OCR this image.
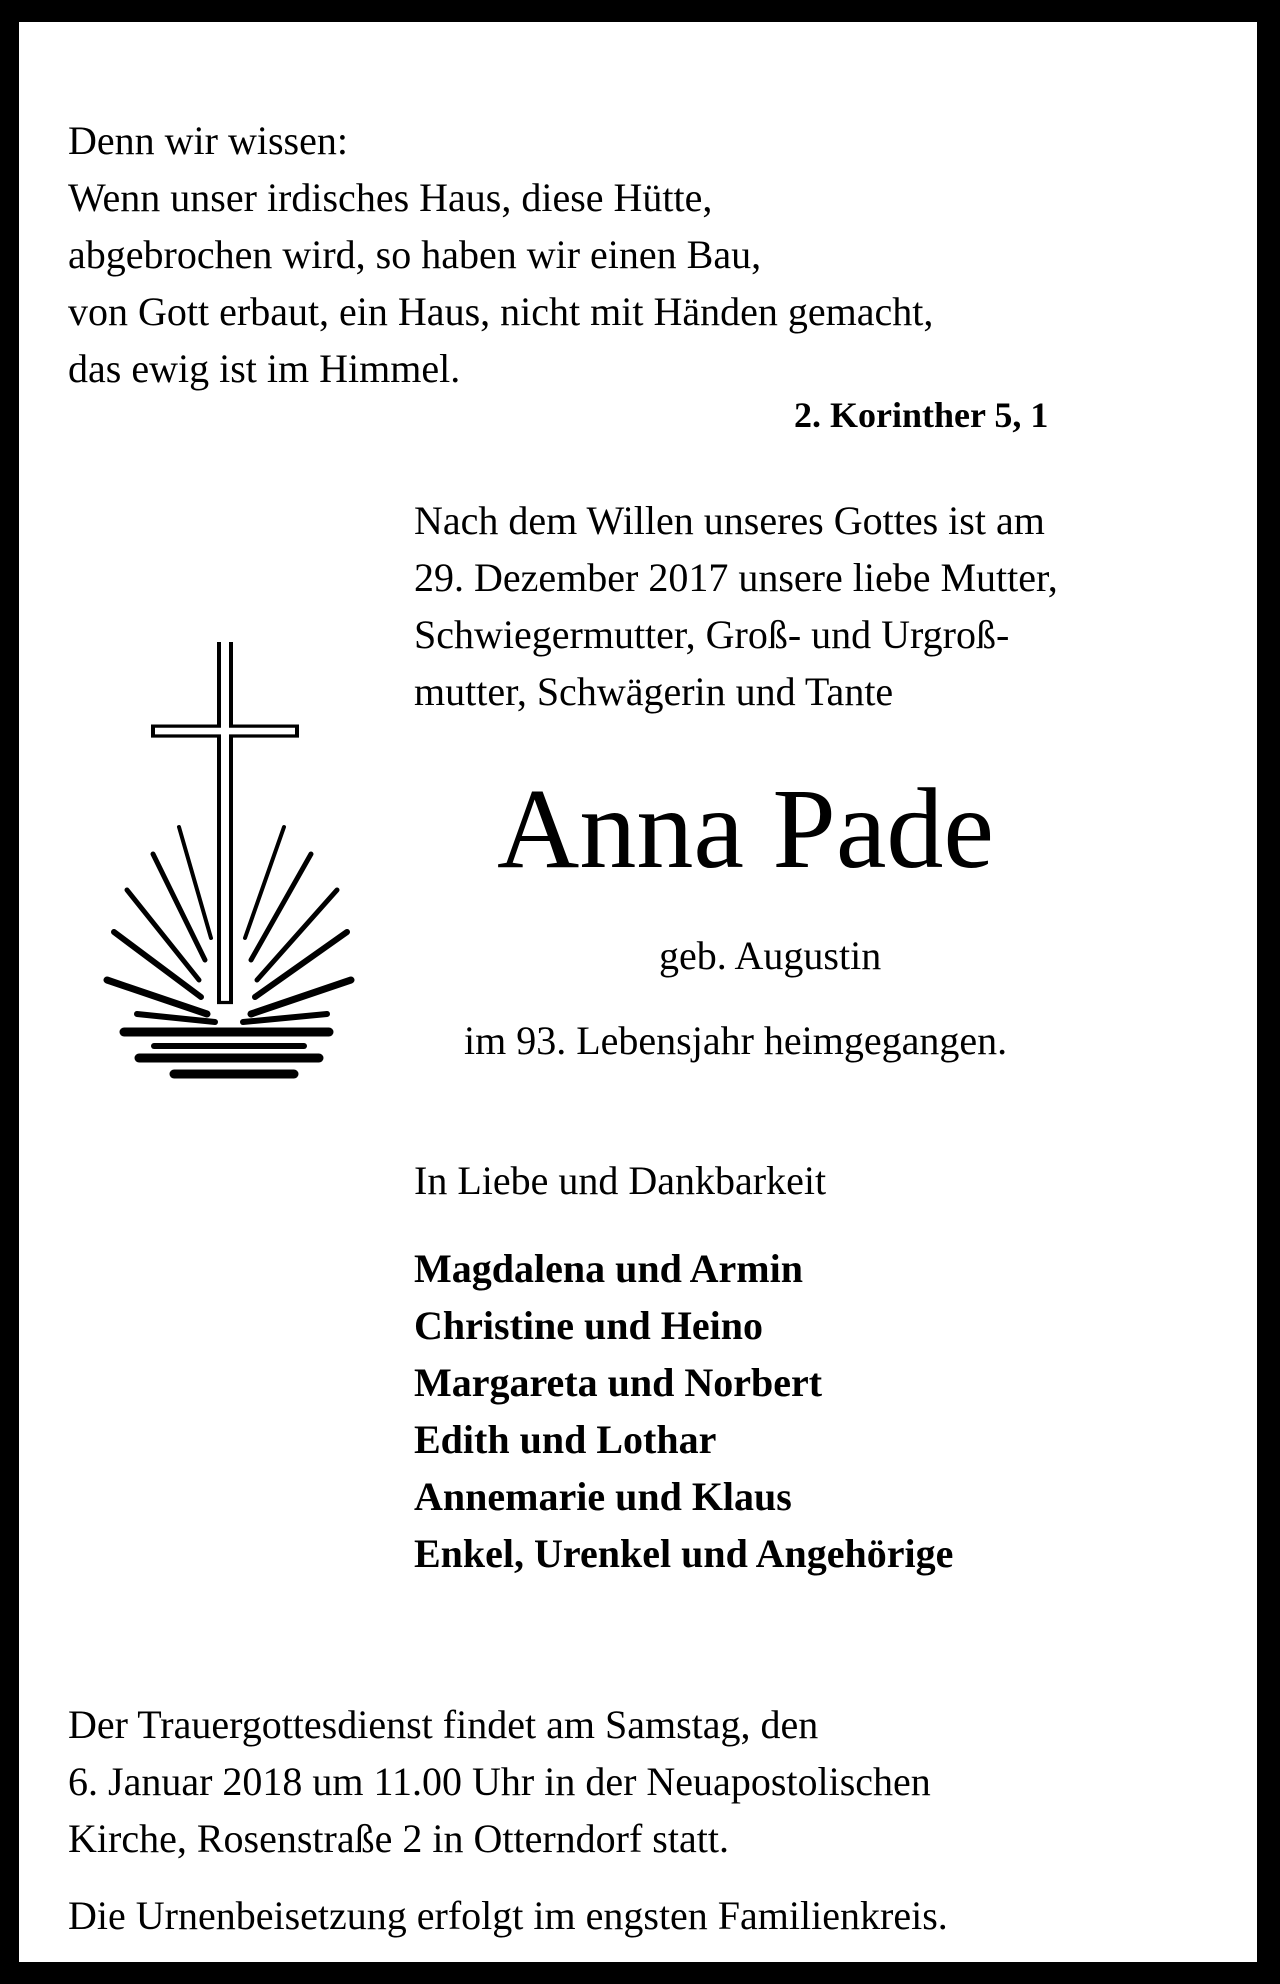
Denn wir wissen:
Wenn unser irdisches Haus, diese Hütte,
abgebrochen wird, so haben wir einen Bau,
von Gott erbaut, ein Haus, nicht mit Händen gemacht,
das ewig ist im Himmel.
2. Korinther 5, 1
Nach dem Willen unseres Gottes ist am
29. Dezember 2017 unsere liebe Mutter,
Schwiegermutter, Groß- und Urgroß-
mutter, Schwägerin und Tante
Anna Pade
geb. Augustin
im 93. Lebensjahr heimgegangen.
In Liebe und Dankbarkeit
Magdalena und Armin
Christine und Heino
Margareta und Norbert
Edith und Lothar
Annemarie und Klaus
Enkel, Urenkel und Angehörige
Der Trauergottesdienst findet am Samstag, den
6. Januar 2018 um 11.00 Uhr in der Neuapostolischen
Kirche, Rosenstraße 2 in Otterndorf statt.
Die Urnenbeisetzung erfolgt im engsten Familienkreis.
